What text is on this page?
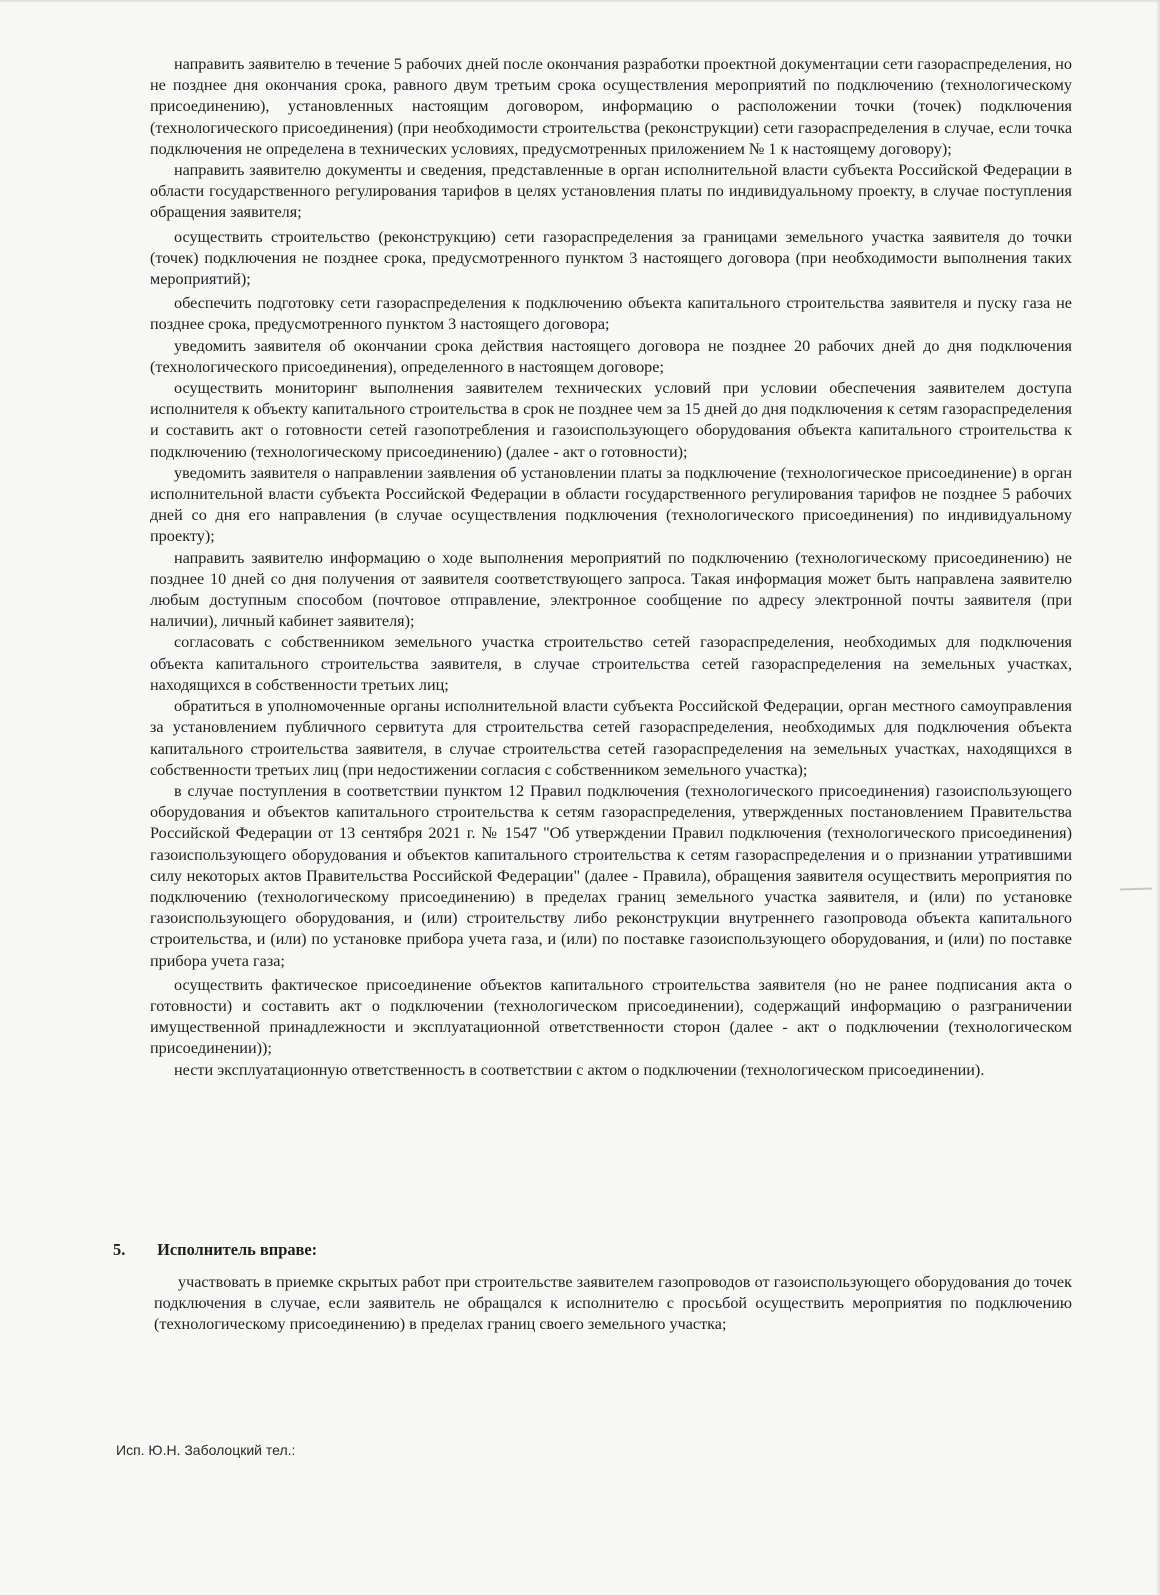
направить заявителю в течение 5 рабочих дней после окончания разработки проектной документации сети газораспределения, но не позднее дня окончания срока, равного двум третьим срока осуществления мероприятий по подключению (технологическому присоединению), установленных настоящим договором, информацию о расположении точки (точек) подключения (технологического присоединения) (при необходимости строительства (реконструкции) сети газораспределения в случае, если точка подключения не определена в технических условиях, предусмотренных приложением № 1 к настоящему договору);

направить заявителю документы и сведения, представленные в орган исполнительной власти субъекта Российской Федерации в области государственного регулирования тарифов в целях установления платы по индивидуальному проекту, в случае поступления обращения заявителя;

осуществить строительство (реконструкцию) сети газораспределения за границами земельного участка заявителя до точки (точек) подключения не позднее срока, предусмотренного пунктом 3 настоящего договора (при необходимости выполнения таких мероприятий);

обеспечить подготовку сети газораспределения к подключению объекта капитального строительства заявителя и пуску газа не позднее срока, предусмотренного пунктом 3 настоящего договора;

уведомить заявителя об окончании срока действия настоящего договора не позднее 20 рабочих дней до дня подключения (технологического присоединения), определенного в настоящем договоре;

осуществить мониторинг выполнения заявителем технических условий при условии обеспечения заявителем доступа исполнителя к объекту капитального строительства в срок не позднее чем за 15 дней до дня подключения к сетям газораспределения и составить акт о готовности сетей газопотребления и газоиспользующего оборудования объекта капитального строительства к подключению (технологическому присоединению) (далее - акт о готовности);

уведомить заявителя о направлении заявления об установлении платы за подключение (технологическое присоединение) в орган исполнительной власти субъекта Российской Федерации в области государственного регулирования тарифов не позднее 5 рабочих дней со дня его направления (в случае осуществления подключения (технологического присоединения) по индивидуальному проекту);

направить заявителю информацию о ходе выполнения мероприятий по подключению (технологическому присоединению) не позднее 10 дней со дня получения от заявителя соответствующего запроса. Такая информация может быть направлена заявителю любым доступным способом (почтовое отправление, электронное сообщение по адресу электронной почты заявителя (при наличии), личный кабинет заявителя);

согласовать с собственником земельного участка строительство сетей газораспределения, необходимых для подключения объекта капитального строительства заявителя, в случае строительства сетей газораспределения на земельных участках, находящихся в собственности третьих лиц;

обратиться в уполномоченные органы исполнительной власти субъекта Российской Федерации, орган местного самоуправления за установлением публичного сервитута для строительства сетей газораспределения, необходимых для подключения объекта капитального строительства заявителя, в случае строительства сетей газораспределения на земельных участках, находящихся в собственности третьих лиц (при недостижении согласия с собственником земельного участка);

в случае поступления в соответствии пунктом 12 Правил подключения (технологического присоединения) газоиспользующего оборудования и объектов капитального строительства к сетям газораспределения, утвержденных постановлением Правительства Российской Федерации от 13 сентября 2021 г. № 1547 "Об утверждении Правил подключения (технологического присоединения) газоиспользующего оборудования и объектов капитального строительства к сетям газораспределения и о признании утратившими силу некоторых актов Правительства Российской Федерации" (далее - Правила), обращения заявителя осуществить мероприятия по подключению (технологическому присоединению) в пределах границ земельного участка заявителя, и (или) по установке газоиспользующего оборудования, и (или) строительству либо реконструкции внутреннего газопровода объекта капитального строительства, и (или) по установке прибора учета газа, и (или) по поставке газоиспользующего оборудования, и (или) по поставке прибора учета газа;

осуществить фактическое присоединение объектов капитального строительства заявителя (но не ранее подписания акта о готовности) и составить акт о подключении (технологическом присоединении), содержащий информацию о разграничении имущественной принадлежности и эксплуатационной ответственности сторон (далее - акт о подключении (технологическом присоединении));

нести эксплуатационную ответственность в соответствии с актом о подключении (технологическом присоединении).

5. Исполнитель вправе:

участвовать в приемке скрытых работ при строительстве заявителем газопроводов от газоиспользующего оборудования до точек подключения в случае, если заявитель не обращался к исполнителю с просьбой осуществить мероприятия по подключению (технологическому присоединению) в пределах границ своего земельного участка;

Исп. Ю.Н. Заболоцкий тел.:
